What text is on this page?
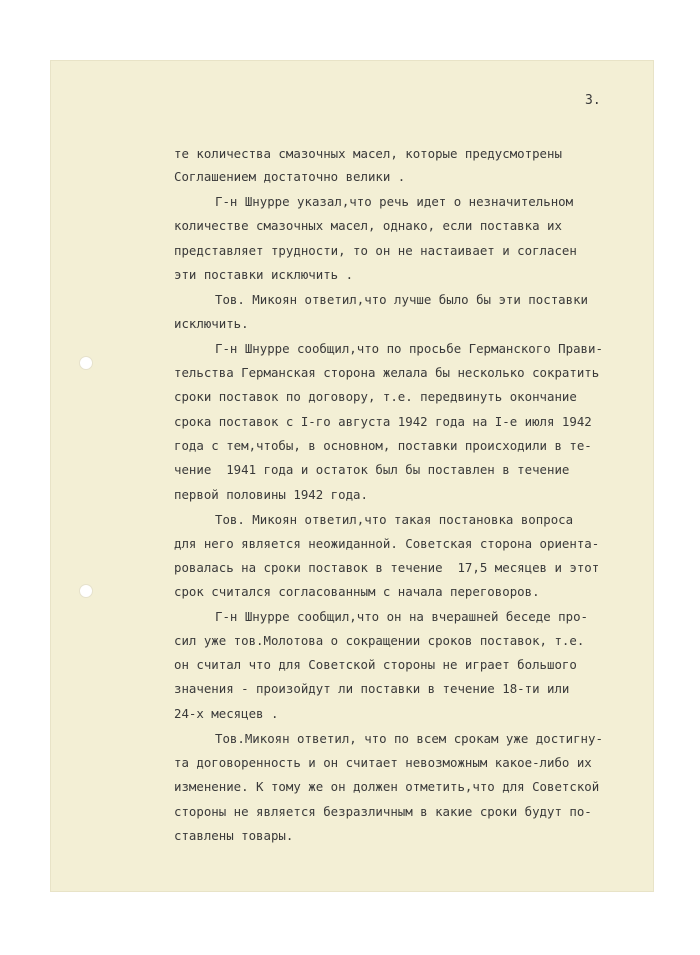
3.

те количества смазочных масел, которые предусмотрены

Соглашением достаточно велики .

Г-н Шнурре указал,что речь идет о незначительном

количестве смазочных масел, однако, если поставка их

представляет трудности, то он не настаивает и согласен

эти поставки исключить .

Тов. Микоян ответил,что лучше было бы эти поставки

исключить.

Г-н Шнурре сообщил,что по просьбе Германского Прави-

тельства Германская сторона желала бы несколько сократить

сроки поставок по договору, т.е. передвинуть окончание

срока поставок с I-го августа 1942 года на I-е июля 1942

года с тем,чтобы, в основном, поставки происходили в те-

чение  1941 года и остаток был бы поставлен в течение

первой половины 1942 года.

Тов. Микоян ответил,что такая постановка вопроса

для него является неожиданной. Советская сторона ориента-

ровалась на сроки поставок в течение  17,5 месяцев и этот

срок считался согласованным с начала переговоров.

Г-н Шнурре сообщил,что он на вчерашней беседе про-

сил уже тов.Молотова о сокращении сроков поставок, т.е.

он считал что для Советской стороны не играет большого

значения - произойдут ли поставки в течение 18-ти или

24-х месяцев .

Тов.Микоян ответил, что по всем срокам уже достигну-

та договоренность и он считает невозможным какое-либо их

изменение. К тому же он должен отметить,что для Советской

стороны не является безразличным в какие сроки будут по-

ставлены товары.
